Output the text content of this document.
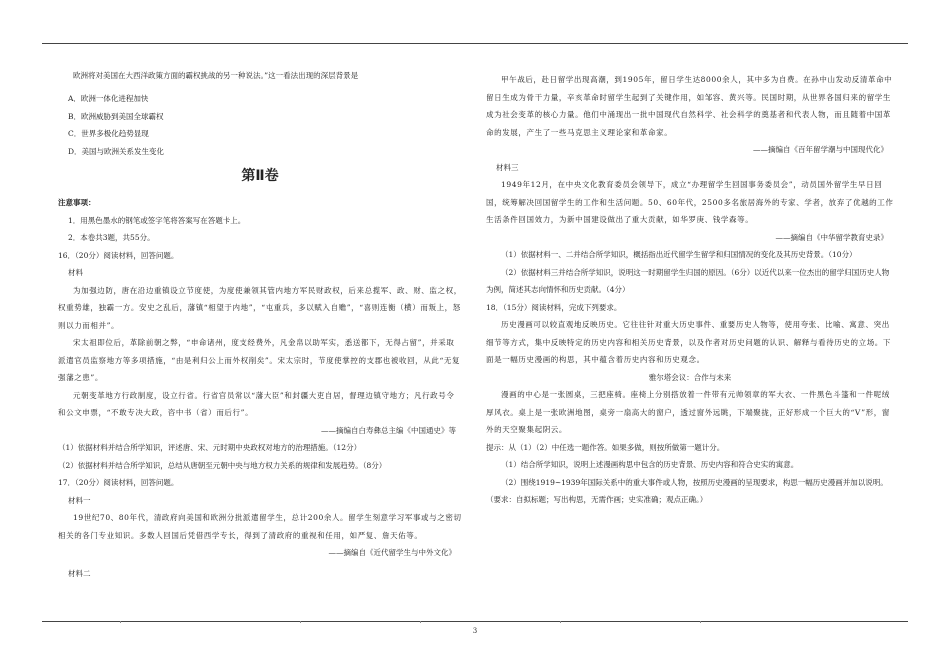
欧洲将对美国在大西洋政策方面的霸权挑战的另一种说法。”这一看法出现的深层背景是

A．欧洲一体化进程加快

B．欧洲威胁到美国全球霸权

C．世界多极化趋势显现

D．美国与欧洲关系发生变化

第Ⅱ卷

注意事项：

1．用黑色墨水的钢笔或签字笔将答案写在答题卡上。

2．本卷共3题，共55分。

16．（20分）阅读材料，回答问题。

材料

为加强边防，唐在沿边重镇设立节度使，为度使兼领其管内地方军民财政权，后来总揽军、政、财、监之权，权重势雄，独霸一方。安史之乱后，藩镇“相望于内地”，“屯重兵，多以赋入自赡”，“喜则连衡（横）而叛上，怒则以力而相并”。

宋太祖即位后，革除前朝之弊，“申命诸州，度支经费外，凡金帛以助军实，悉送都下，无得占留”，并采取派遣官员监察地方等多项措施，“由是利归公上而外权削矣”。宋太宗时，节度使掌控的支郡也被收回，从此“无复强藩之患”。

元朝变革地方行政制度，设立行省。行省官员常以“藩大臣”和封疆大吏自居，督理边镇守地方；凡行政号令和公文申票，“不敢专决大政，咨中书（省）而后行”。

——摘编自白寿彝总主编《中国通史》等

（1）依据材料并结合所学知识，评述唐、宋、元时期中央政权对地方的治理措施。（12分）

（2）依据材料并结合所学知识，总结从唐朝至元朝中央与地方权力关系的规律和发展趋势。（8分）

17．（20分）阅读材料，回答问题。

材料一

19世纪70、80年代，清政府向美国和欧洲分批派遣留学生，总计200余人。留学生刻意学习军事或与之密切相关的各门专业知识。多数人回国后凭借西学专长，得到了清政府的重视和任用，如严复、詹天佑等。

——摘编自《近代留学生与中外文化》

材料二

甲午战后，赴日留学出现高潮，到1905年，留日学生达8000余人，其中多为自费。在孙中山发动反清革命中留日生成为骨干力量，辛亥革命时留学生起到了关键作用，如邹容、黄兴等。民国时期，从世界各国归来的留学生成为社会变革的核心力量。他们中涌现出一批中国现代自然科学、社会科学的奠基者和代表人物，而且随着中国革命的发展，产生了一些马克思主义理论家和革命家。

——摘编自《百年留学潮与中国现代化》

材料三

1949年12月，在中央文化教育委员会领导下，成立“办理留学生回国事务委员会”，动员国外留学生早日回国，统筹解决回国留学生的工作和生活问题。50、60年代，2500多名旅居海外的专家、学者，放弃了优越的工作生活条件回国效力，为新中国建设做出了重大贡献，如华罗庚、钱学森等。

——摘编自《中华留学教育史录》

（1）依据材料一、二并结合所学知识，概括指出近代留学生留学和归国情况的变化及其历史背景。（10分）

（2）依据材料三并结合所学知识，说明这一时期留学生归国的原因。（6分）以近代以来一位杰出的留学归国历史人物为例，简述其志向情怀和历史贡献。（4分）

18．（15分）阅读材料，完成下列要求。

历史漫画可以较直观地反映历史。它往往针对重大历史事件、重要历史人物等，使用夸张、比喻、寓意、突出细节等方式，集中反映特定的历史内容和相关历史背景，以及作者对历史问题的认识、解释与看待历史的立场。下面是一幅历史漫画的构思，其中蕴含着历史内容和历史观念。

雅尔塔会议：合作与未来

漫画的中心是一张圆桌，三把座椅。座椅上分别搭放着一件带有元帅领章的军大衣、一件黑色斗篷和一件呢绒厚风衣。桌上是一张欧洲地图，桌旁一扇高大的窗户，透过窗外远眺，下端聚拢，正好形成一个巨大的“V”形，窗外的天空聚集起阴云。

提示：从（1）（2）中任选一题作答。如果多做，则按所做第一题计分。

（1）结合所学知识，说明上述漫画构思中包含的历史背景、历史内容和符合史实的寓意。

（2）围绕1919~1939年国际关系中的重大事件或人物，按照历史漫画的呈现要求，构思一幅历史漫画并加以说明。（要求：自拟标题；写出构思，无需作画；史实准确；观点正确。）

3
